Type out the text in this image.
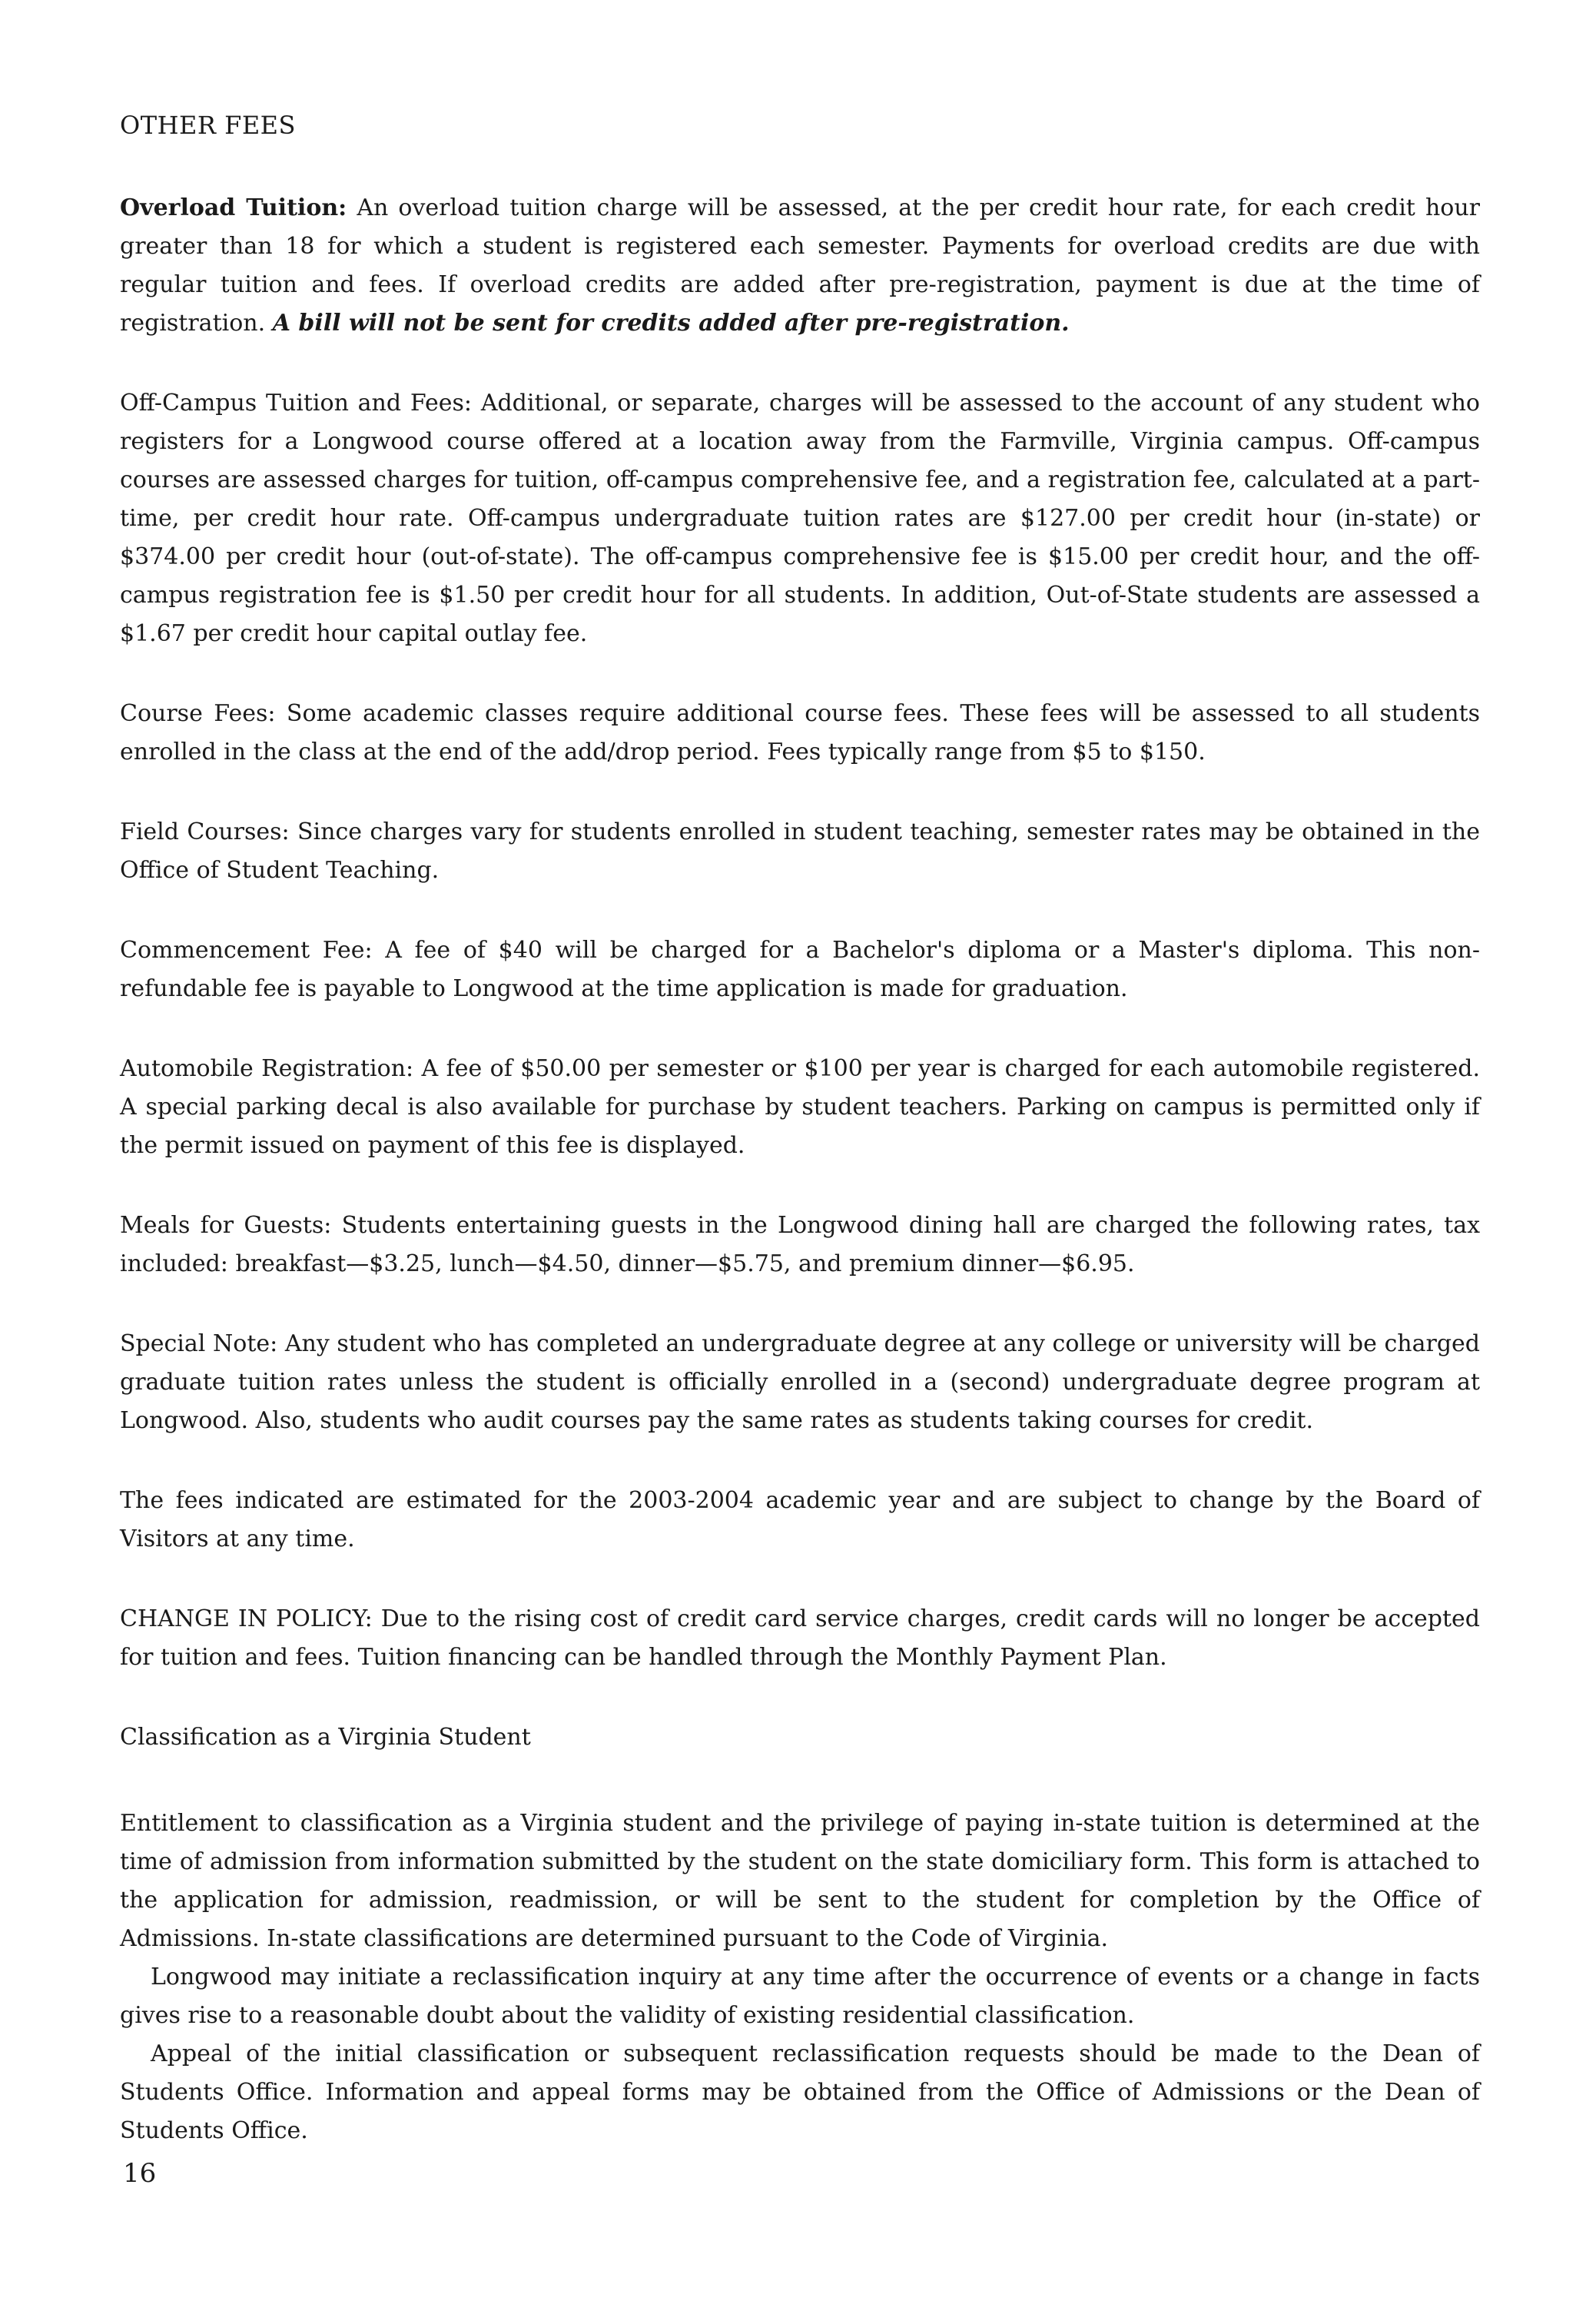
OTHER FEES

Overload Tuition: An overload tuition charge will be assessed, at the per credit hour rate, for each credit hour greater than 18 for which a student is registered each semester. Payments for overload credits are due with regular tuition and fees. If overload credits are added after pre-registration, payment is due at the time of registration. A bill will not be sent for credits added after pre-registration.

Off-Campus Tuition and Fees: Additional, or separate, charges will be assessed to the account of any student who registers for a Longwood course offered at a location away from the Farmville, Virginia campus. Off-campus courses are assessed charges for tuition, off-campus comprehensive fee, and a registration fee, calculated at a part-time, per credit hour rate. Off-campus undergraduate tuition rates are $127.00 per credit hour (in-state) or $374.00 per credit hour (out-of-state). The off-campus comprehensive fee is $15.00 per credit hour, and the off-campus registration fee is $1.50 per credit hour for all students. In addition, Out-of-State students are assessed a $1.67 per credit hour capital outlay fee.

Course Fees: Some academic classes require additional course fees. These fees will be assessed to all students enrolled in the class at the end of the add/drop period. Fees typically range from $5 to $150.

Field Courses: Since charges vary for students enrolled in student teaching, semester rates may be obtained in the Office of Student Teaching.

Commencement Fee: A fee of $40 will be charged for a Bachelor's diploma or a Master's diploma. This non-refundable fee is payable to Longwood at the time application is made for graduation.

Automobile Registration: A fee of $50.00 per semester or $100 per year is charged for each automobile registered. A special parking decal is also available for purchase by student teachers. Parking on campus is permitted only if the permit issued on payment of this fee is displayed.

Meals for Guests: Students entertaining guests in the Longwood dining hall are charged the following rates, tax included: breakfast—$3.25, lunch—$4.50, dinner—$5.75, and premium dinner—$6.95.

Special Note: Any student who has completed an undergraduate degree at any college or university will be charged graduate tuition rates unless the student is officially enrolled in a (second) undergraduate degree program at Longwood. Also, students who audit courses pay the same rates as students taking courses for credit.

The fees indicated are estimated for the 2003-2004 academic year and are subject to change by the Board of Visitors at any time.

CHANGE IN POLICY: Due to the rising cost of credit card service charges, credit cards will no longer be accepted for tuition and fees. Tuition financing can be handled through the Monthly Payment Plan.

Classification as a Virginia Student

Entitlement to classification as a Virginia student and the privilege of paying in-state tuition is determined at the time of admission from information submitted by the student on the state domiciliary form. This form is attached to the application for admission, readmission, or will be sent to the student for completion by the Office of Admissions. In-state classifications are determined pursuant to the Code of Virginia.

Longwood may initiate a reclassification inquiry at any time after the occurrence of events or a change in facts gives rise to a reasonable doubt about the validity of existing residential classification.

Appeal of the initial classification or subsequent reclassification requests should be made to the Dean of Students Office. Information and appeal forms may be obtained from the Office of Admissions or the Dean of Students Office.

16
